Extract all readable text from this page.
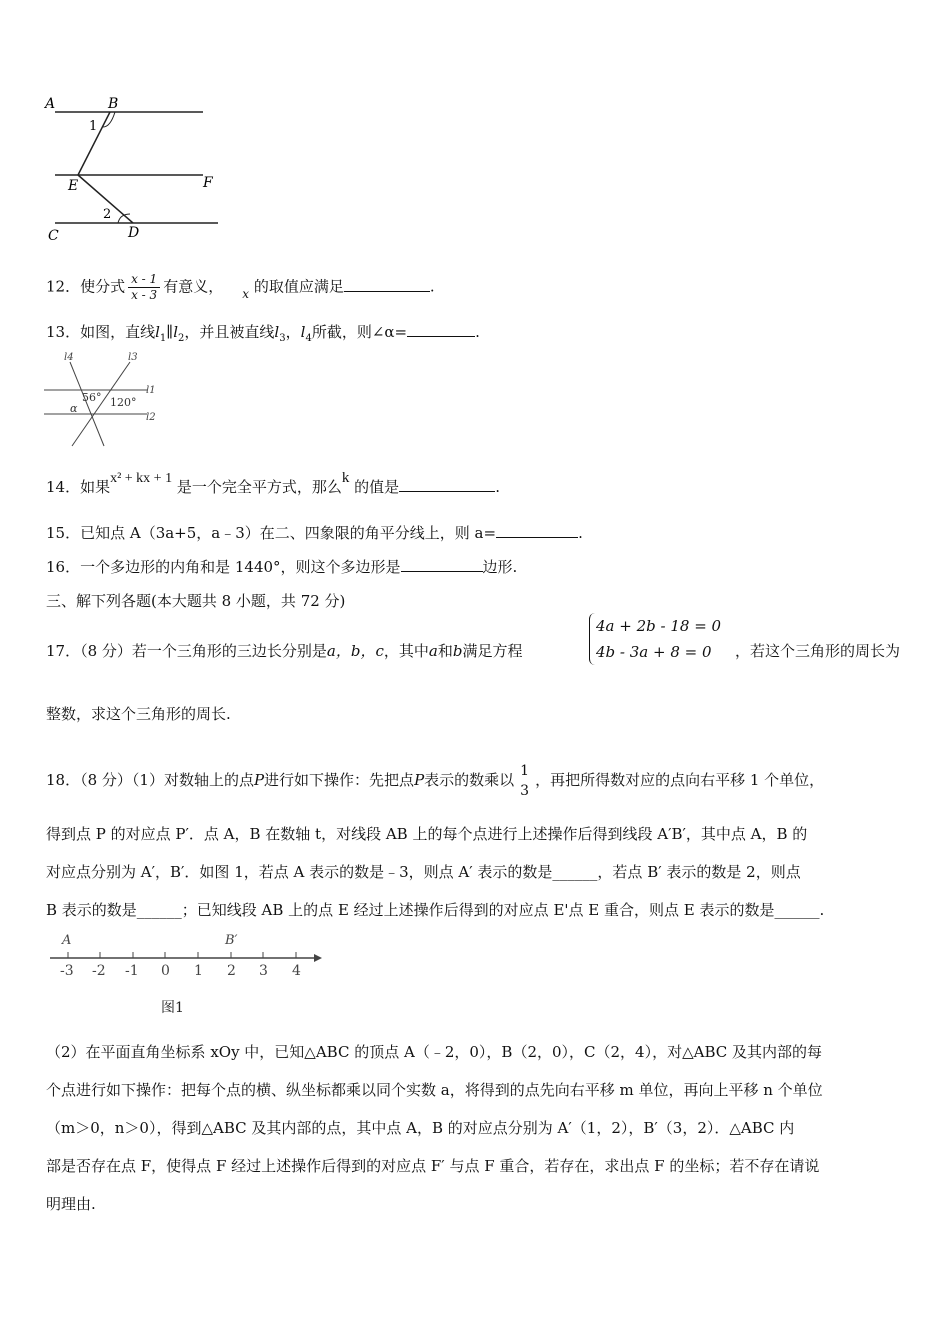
A	B
1
E	F
2
C	D
12．使分式 $\frac{x - 1}{x - 3}$ 有意义， $_x$ 的取值应满足	.
13．如图，直线$l_1\parallel l_2$，并且被直线$l_3$，$l_4$所截，则∠α=	.
l4	l3
l1
l2
56° 120°
α
14．如果x² + kx + 1 是一个完全平方式，那么k 的值是	.
15．已知点 A（3a+5，a﹣3）在二、四象限的角平分线上，则 a=	.
16．一个多边形的内角和是 1440°，则这个多边形是	边形.
三、解下列各题(本大题共 8 小题，共 72 分)
17．（8 分）若一个三角形的三边长分别是a，b，c，其中a和b满足方程
4a + 2b - 18 = 0
4b - 3a + 8 = 0	，若这个三角形的周长为
整数，求这个三角形的周长.
18．（8 分）（1）对数轴上的点P进行如下操作：先把点P表示的数乘以 1
3
，再把所得数对应的点向右平移 1 个单位，
得到点 P 的对应点 P′．点 A，B 在数轴 t，对线段 AB 上的每个点进行上述操作后得到线段 A′B′，其中点 A，B 的
对应点分别为 A′，B′．如图 1，若点 A 表示的数是﹣3，则点 A′ 表示的数是______，若点 B′ 表示的数是 2，则点
B 表示的数是______；已知线段 AB 上的点 E 经过上述操作后得到的对应点 E'点 E 重合，则点 E 表示的数是______.
A	B′
-3 -2 -1 0 1 2 3 4
图1
（2）在平面直角坐标系 xOy 中，已知△ABC 的顶点 A（﹣2，0），B（2，0），C（2，4），对△ABC 及其内部的每
个点进行如下操作：把每个点的横、纵坐标都乘以同个实数 a，将得到的点先向右平移 m 单位，再向上平移 n 个单位
（m＞0，n＞0），得到△ABC 及其内部的点，其中点 A，B 的对应点分别为 A′（1，2），B′（3，2）．△ABC 内
部是否存在点 F，使得点 F 经过上述操作后得到的对应点 F′ 与点 F 重合，若存在，求出点 F 的坐标；若不存在请说
明理由.
